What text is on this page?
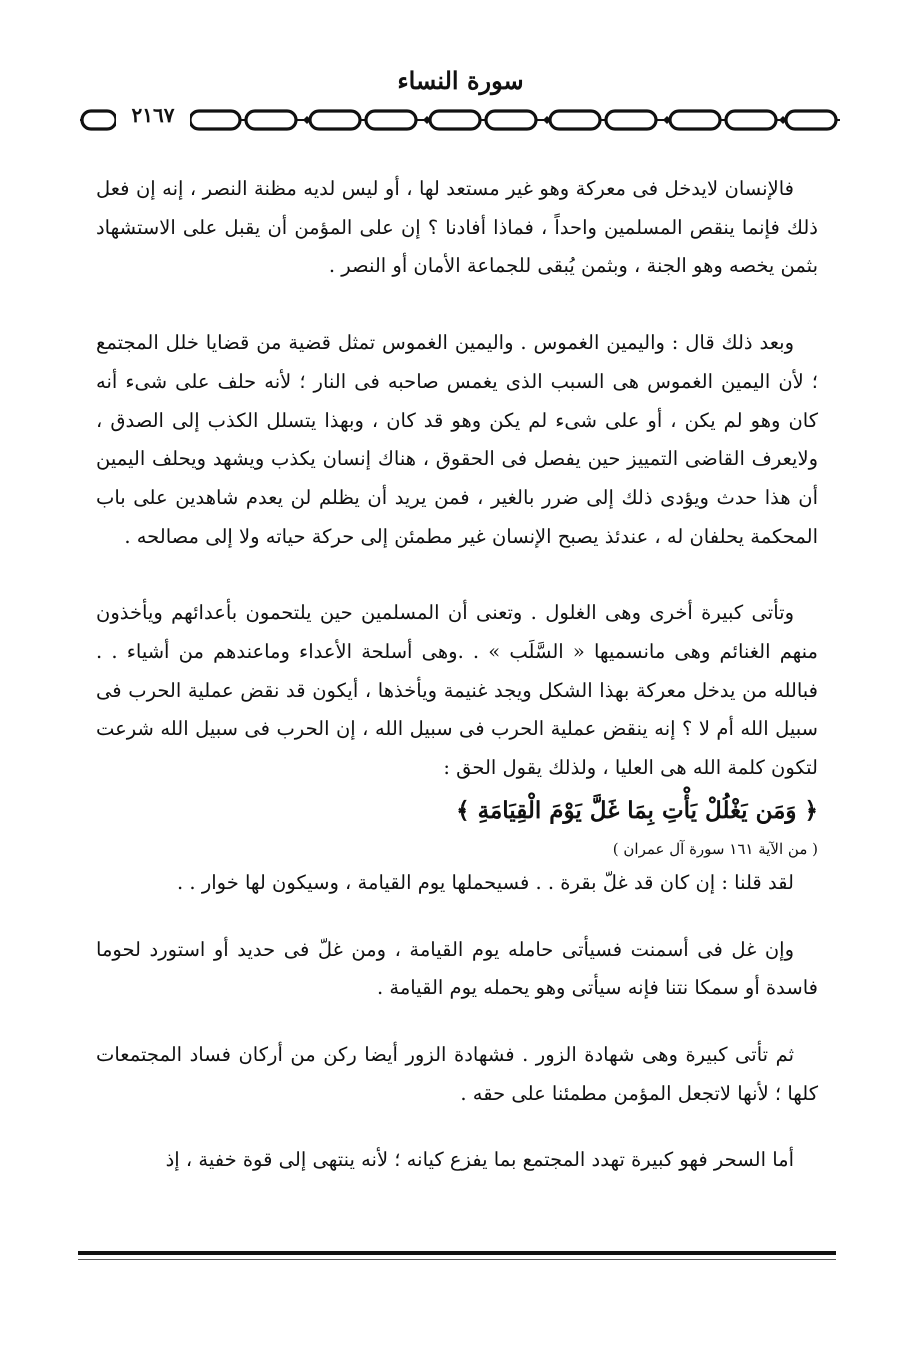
سورة النساء
٢١٦٧

فالإنسان لايدخل فى معركة وهو غير مستعد لها ، أو ليس لديه مظنة النصر ، إنه إن فعل ذلك فإنما ينقص المسلمين واحداً ، فماذا أفادنا ؟ إن على المؤمن أن يقبل على الاستشهاد بثمن يخصه وهو الجنة ، وبثمن يُبقى للجماعة الأمان أو النصر .

وبعد ذلك قال : واليمين الغموس . واليمين الغموس تمثل قضية من قضايا خلل المجتمع ؛ لأن اليمين الغموس هى السبب الذى يغمس صاحبه فى النار ؛ لأنه حلف على شىء أنه كان وهو لم يكن ، أو على شىء لم يكن وهو قد كان ، وبهذا يتسلل الكذب إلى الصدق ، ولايعرف القاضى التمييز حين يفصل فى الحقوق ، هناك إنسان يكذب ويشهد ويحلف اليمين أن هذا حدث ويؤدى ذلك إلى ضرر بالغير ، فمن يريد أن يظلم لن يعدم شاهدين على باب المحكمة يحلفان له ، عندئذ يصبح الإنسان غير مطمئن إلى حركة حياته ولا إلى مصالحه .

وتأتى كبيرة أخرى وهى الغلول . وتعنى أن المسلمين حين يلتحمون بأعدائهم ويأخذون منهم الغنائم وهى مانسميها « السَّلَب » . .وهى أسلحة الأعداء وماعندهم من أشياء . . فبالله من يدخل معركة بهذا الشكل ويجد غنيمة ويأخذها ، أيكون قد نقض عملية الحرب فى سبيل الله أم لا ؟ إنه ينقض عملية الحرب فى سبيل الله ، إن الحرب فى سبيل الله شرعت لتكون كلمة الله هى العليا ، ولذلك يقول الحق :

﴿ وَمَن يَغْلُلْ يَأْتِ بِمَا غَلَّ يَوْمَ الْقِيَامَةِ ﴾

( من الآية ١٦١ سورة آل عمران )

لقد قلنا : إن كان قد غلّ بقرة . . فسيحملها يوم القيامة ، وسيكون لها خوار . .

وإن غل فى أسمنت فسيأتى حامله يوم القيامة ، ومن غلّ فى حديد أو استورد لحوما فاسدة أو سمكا نتنا فإنه سيأتى وهو يحمله يوم القيامة .

ثم تأتى كبيرة وهى شهادة الزور . فشهادة الزور أيضا ركن من أركان فساد المجتمعات كلها ؛ لأنها لاتجعل المؤمن مطمئنا على حقه .

أما السحر فهو كبيرة تهدد المجتمع بما يفزع كيانه ؛ لأنه ينتهى إلى قوة خفية ، إذ
